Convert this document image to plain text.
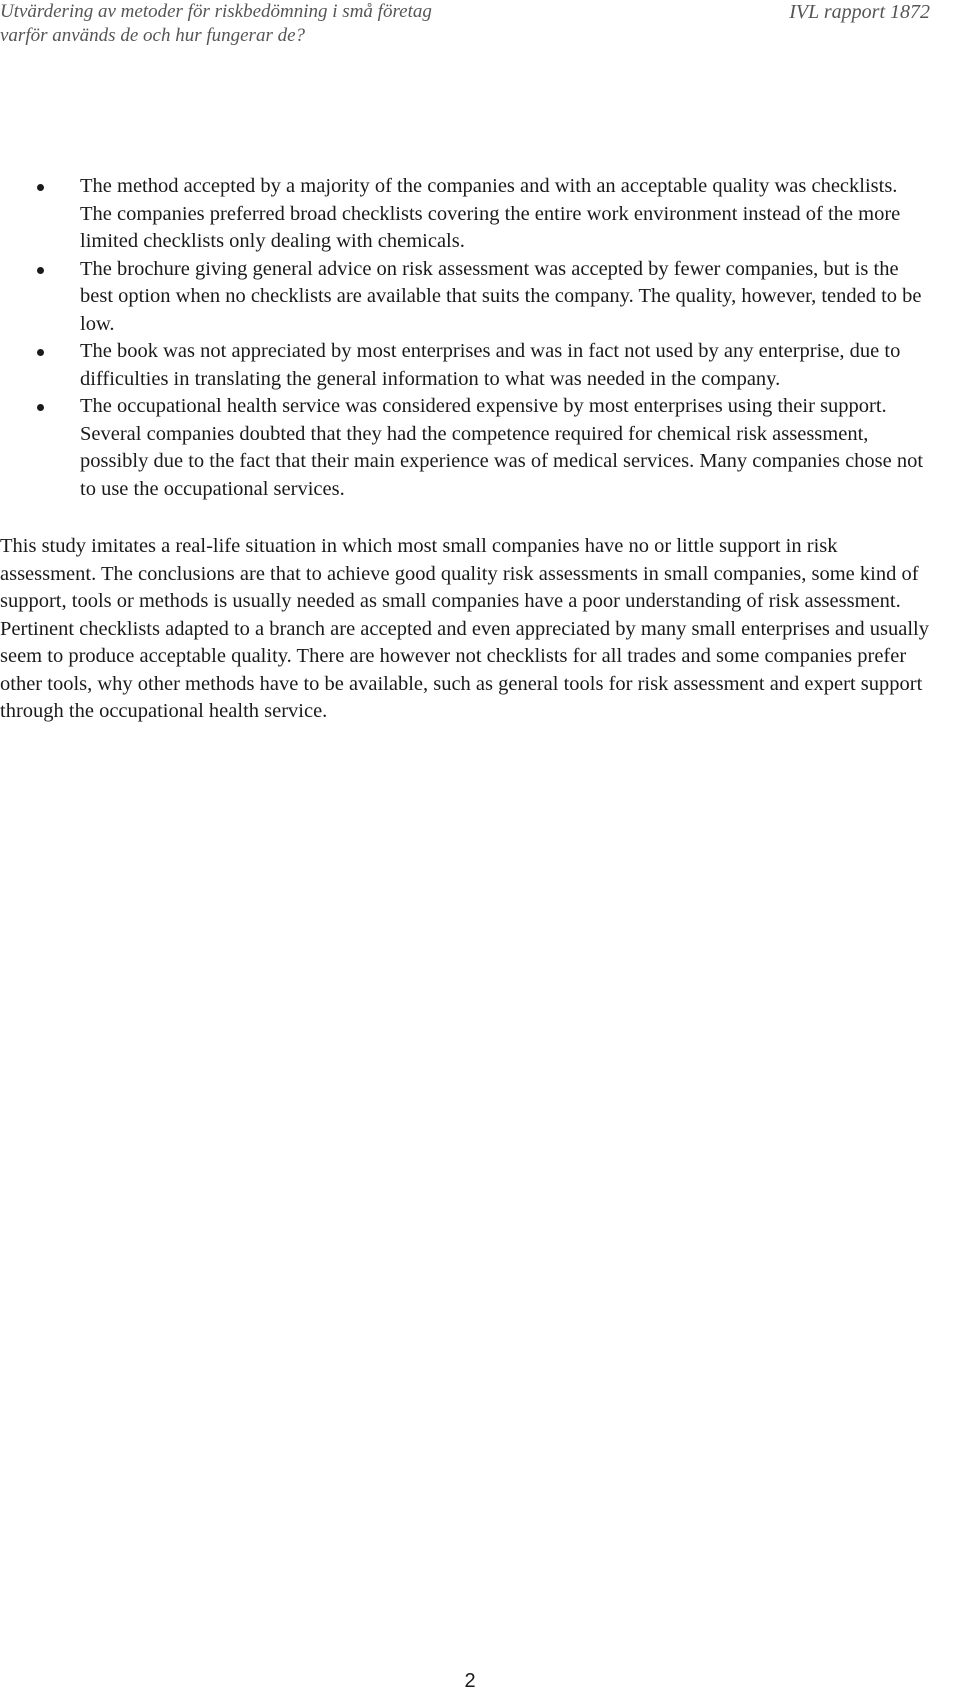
Utvärdering av metoder för riskbedömning i små företag
varför används de och hur fungerar de?
IVL rapport 1872
The method accepted by a majority of the companies and with an acceptable quality was checklists. The companies preferred broad checklists covering the entire work environment instead of the more limited checklists only dealing with chemicals.
The brochure giving general advice on risk assessment was accepted by fewer companies, but is the best option when no checklists are available that suits the company. The quality, however, tended to be low.
The book was not appreciated by most enterprises and was in fact not used by any enterprise, due to difficulties in translating the general information to what was needed in the company.
The occupational health service was considered expensive by most enterprises using their support. Several companies doubted that they had the competence required for chemical risk assessment, possibly due to the fact that their main experience was of medical services. Many companies chose not to use the occupational services.

This study imitates a real-life situation in which most small companies have no or little support in risk assessment. The conclusions are that to achieve good quality risk assessments in small companies, some kind of support, tools or methods is usually needed as small companies have a poor understanding of risk assessment. Pertinent checklists adapted to a branch are accepted and even appreciated by many small enterprises and usually seem to produce acceptable quality. There are however not checklists for all trades and some companies prefer other tools, why other methods have to be available, such as general tools for risk assessment and expert support through the occupational health service.

2
